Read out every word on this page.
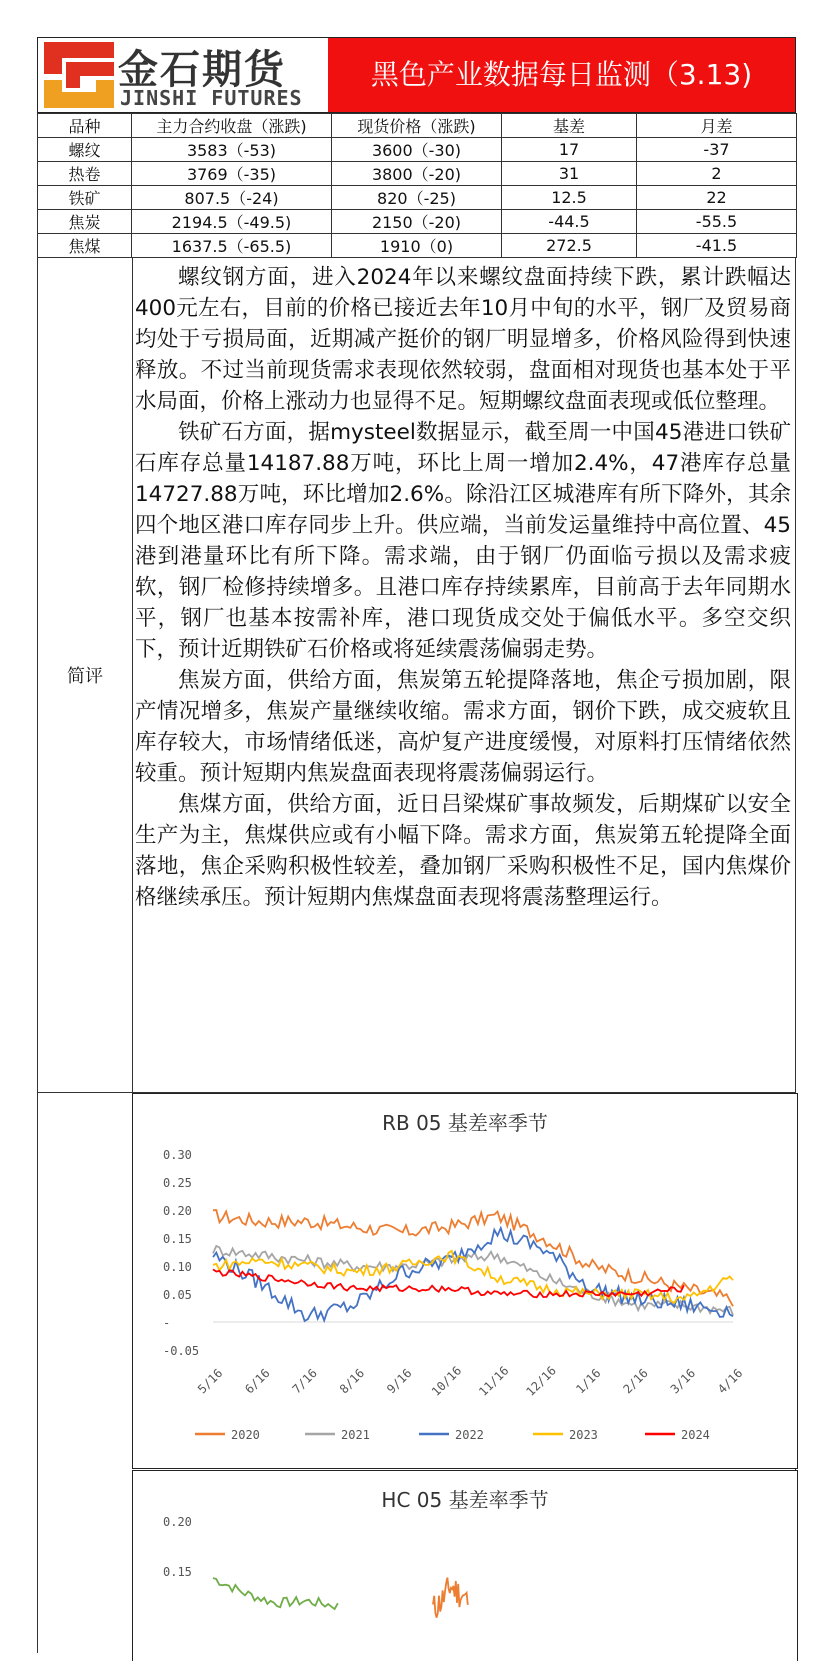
金石期货
JINSHI FUTURES
黑色产业数据每日监测（3.13)
品种	主力合约收盘（涨跌)	现货价格（涨跌)	基差	月差
螺纹	3583（-53)	3600（-30)	17	-37
热卷	3769（-35)	3800（-20)	31	2
铁矿	807.5（-24)	820（-25)	12.5	22
焦炭	2194.5（-49.5)	2150（-20)	-44.5	-55.5
焦煤	1637.5（-65.5)	1910（0)	272.5	-41.5
简评

螺纹钢方面，进入2024年以来螺纹盘面持续下跌，累计跌幅达400元左右，目前的价格已接近去年10月中旬的水平，钢厂及贸易商均处于亏损局面，近期减产挺价的钢厂明显增多，价格风险得到快速释放。不过当前现货需求表现依然较弱，盘面相对现货也基本处于平水局面，价格上涨动力也显得不足。短期螺纹盘面表现或低位整理。

铁矿石方面，据mysteel数据显示，截至周一中国45港进口铁矿石库存总量14187.88万吨，环比上周一增加2.4%，47港库存总量14727.88万吨，环比增加2.6%。除沿江区城港库有所下降外，其余四个地区港口库存同步上升。供应端，当前发运量维持中高位置、45港到港量环比有所下降。需求端，由于钢厂仍面临亏损以及需求疲软，钢厂检修持续增多。且港口库存持续累库，目前高于去年同期水平，钢厂也基本按需补库，港口现货成交处于偏低水平。多空交织下，预计近期铁矿石价格或将延续震荡偏弱走势。

焦炭方面，供给方面，焦炭第五轮提降落地，焦企亏损加剧，限产情况增多，焦炭产量继续收缩。需求方面，钢价下跌，成交疲软且库存较大，市场情绪低迷，高炉复产进度缓慢，对原料打压情绪依然较重。预计短期内焦炭盘面表现将震荡偏弱运行。

焦煤方面，供给方面，近日吕梁煤矿事故频发，后期煤矿以安全生产为主，焦煤供应或有小幅下降。需求方面，焦炭第五轮提降全面落地，焦企采购积极性较差，叠加钢厂采购积极性不足，国内焦煤价格继续承压。预计短期内焦煤盘面表现将震荡整理运行。

RB 05 基差率季节
0.30
0.25
0.20
0.15
0.10
0.05
-
-0.05
5/16 6/16 7/16 8/16 9/16 10/16 11/16 12/16 1/16 2/16 3/16 4/16
2020	2021	2022	2023	2024
HC 05 基差率季节
0.20
0.15
